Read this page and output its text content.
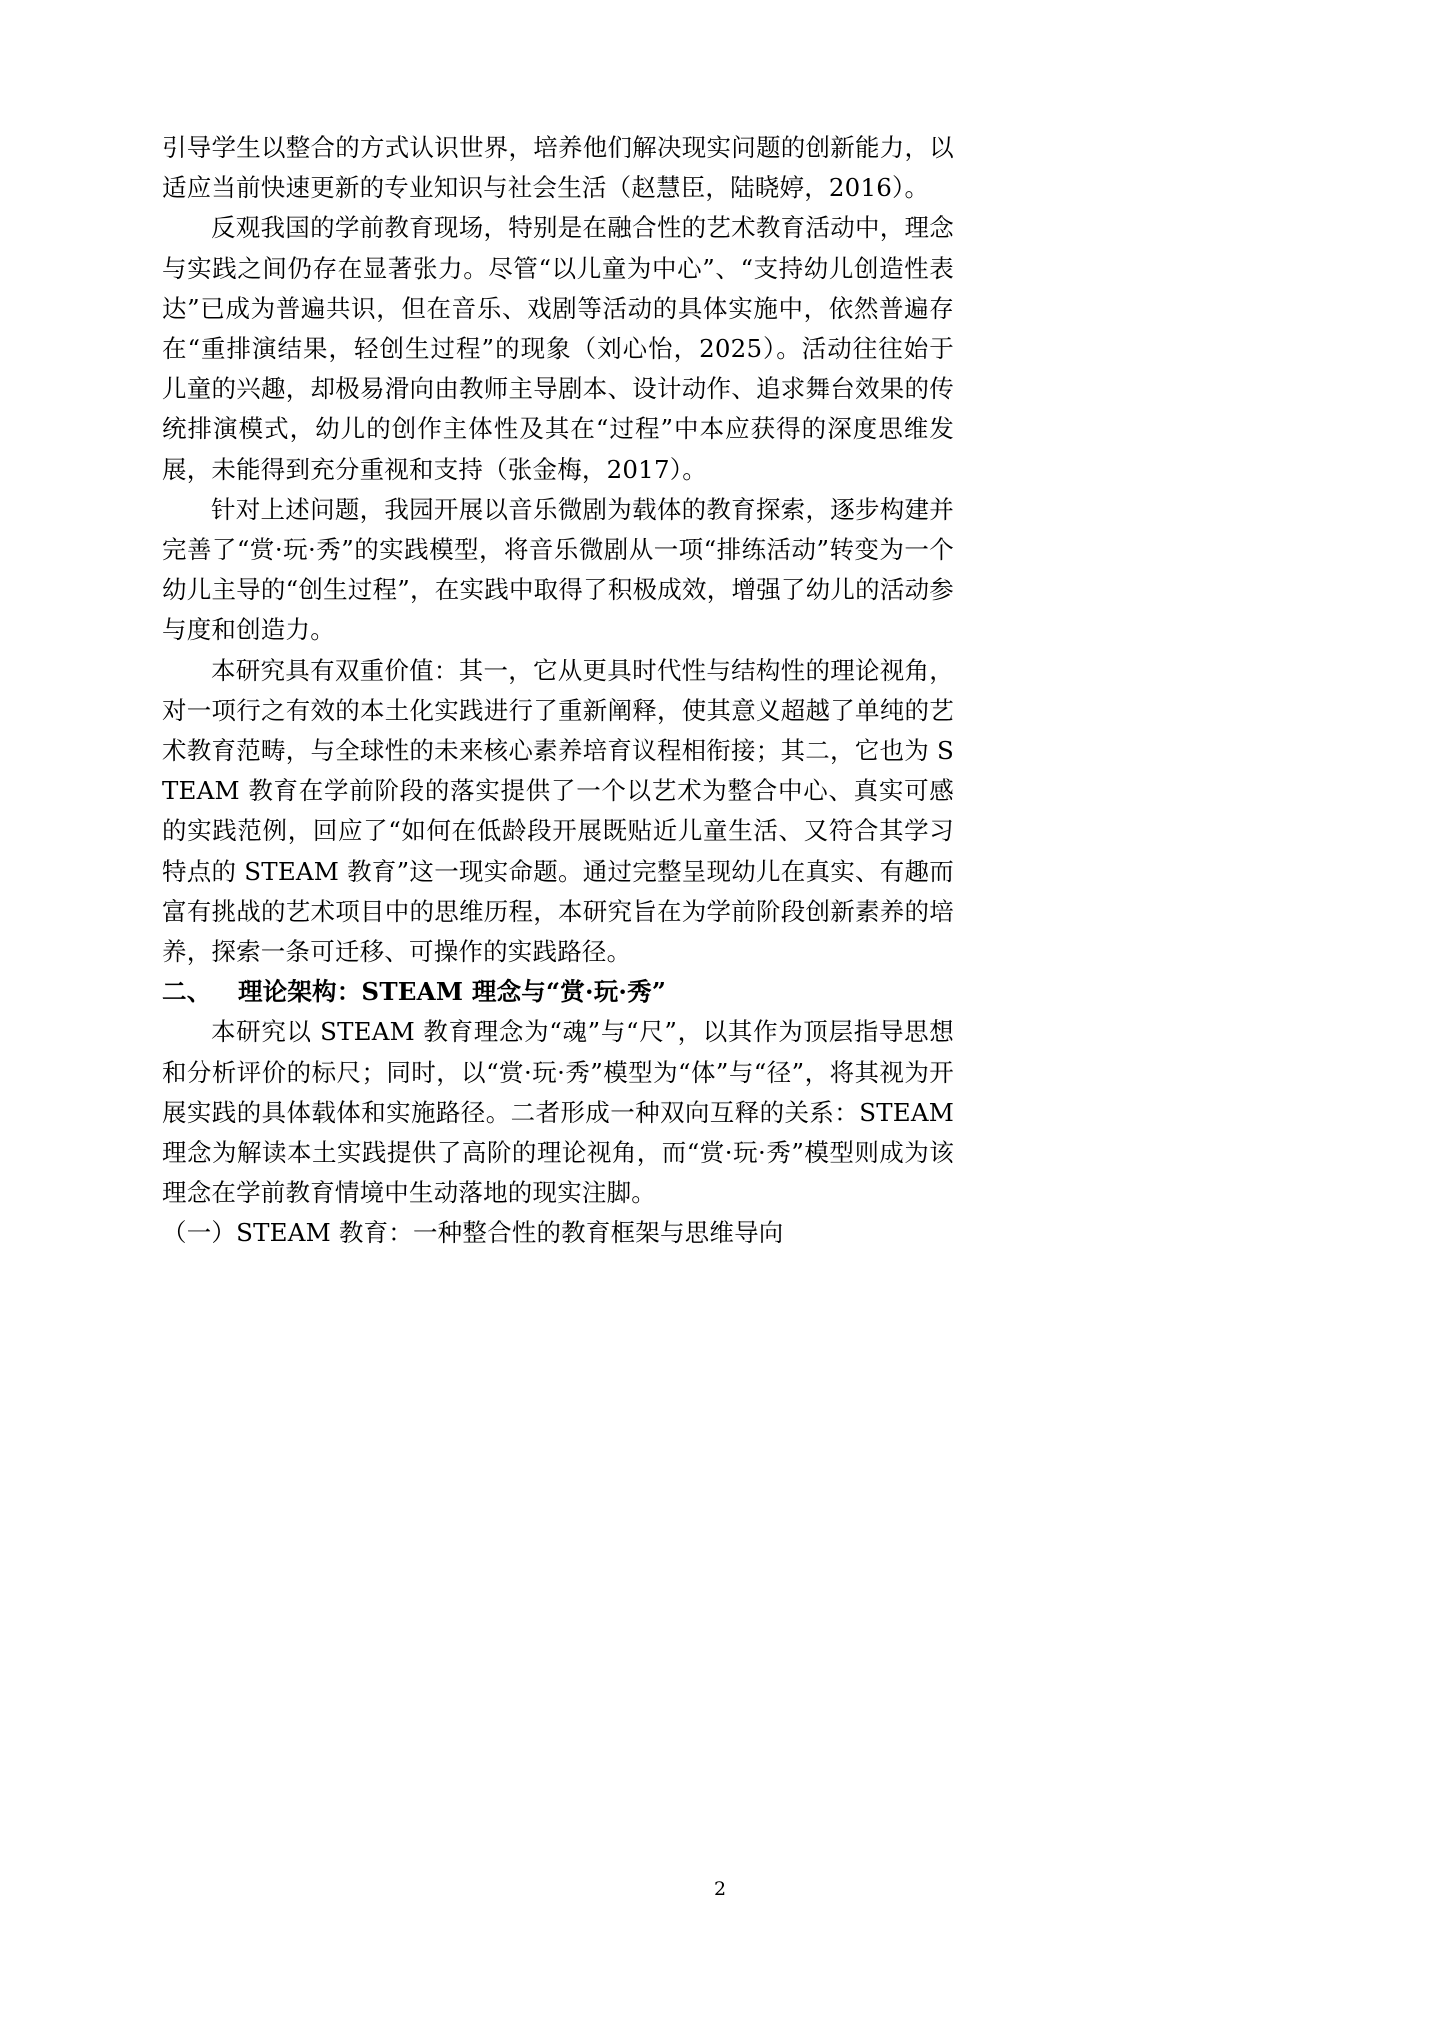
引导学生以整合的方式认识世界，培养他们解决现实问题的创新能力，以适应当前快速更新的专业知识与社会生活（赵慧臣，陆晓婷，2016）。

反观我国的学前教育现场，特别是在融合性的艺术教育活动中，理念与实践之间仍存在显著张力。尽管“以儿童为中心”、“支持幼儿创造性表达”已成为普遍共识，但在音乐、戏剧等活动的具体实施中，依然普遍存在“重排演结果，轻创生过程”的现象（刘心怡，2025）。活动往往始于儿童的兴趣，却极易滑向由教师主导剧本、设计动作、追求舞台效果的传统排演模式，幼儿的创作主体性及其在“过程”中本应获得的深度思维发展，未能得到充分重视和支持（张金梅，2017）。

针对上述问题，我园开展以音乐微剧为载体的教育探索，逐步构建并完善了“赏·玩·秀”的实践模型，将音乐微剧从一项“排练活动”转变为一个幼儿主导的“创生过程”，在实践中取得了积极成效，增强了幼儿的活动参与度和创造力。

本研究具有双重价值：其一，它从更具时代性与结构性的理论视角，对一项行之有效的本土化实践进行了重新阐释，使其意义超越了单纯的艺术教育范畴，与全球性的未来核心素养培育议程相衔接；其二，它也为 STEAM 教育在学前阶段的落实提供了一个以艺术为整合中心、真实可感的实践范例，回应了“如何在低龄段开展既贴近儿童生活、又符合其学习特点的 STEAM 教育”这一现实命题。通过完整呈现幼儿在真实、有趣而富有挑战的艺术项目中的思维历程，本研究旨在为学前阶段创新素养的培养，探索一条可迁移、可操作的实践路径。

二、 理论架构：STEAM 理念与“赏·玩·秀”

本研究以 STEAM 教育理念为“魂”与“尺”，以其作为顶层指导思想和分析评价的标尺；同时，以“赏·玩·秀”模型为“体”与“径”，将其视为开展实践的具体载体和实施路径。二者形成一种双向互释的关系：STEAM 理念为解读本土实践提供了高阶的理论视角，而“赏·玩·秀”模型则成为该理念在学前教育情境中生动落地的现实注脚。

（一）STEAM 教育：一种整合性的教育框架与思维导向

2
